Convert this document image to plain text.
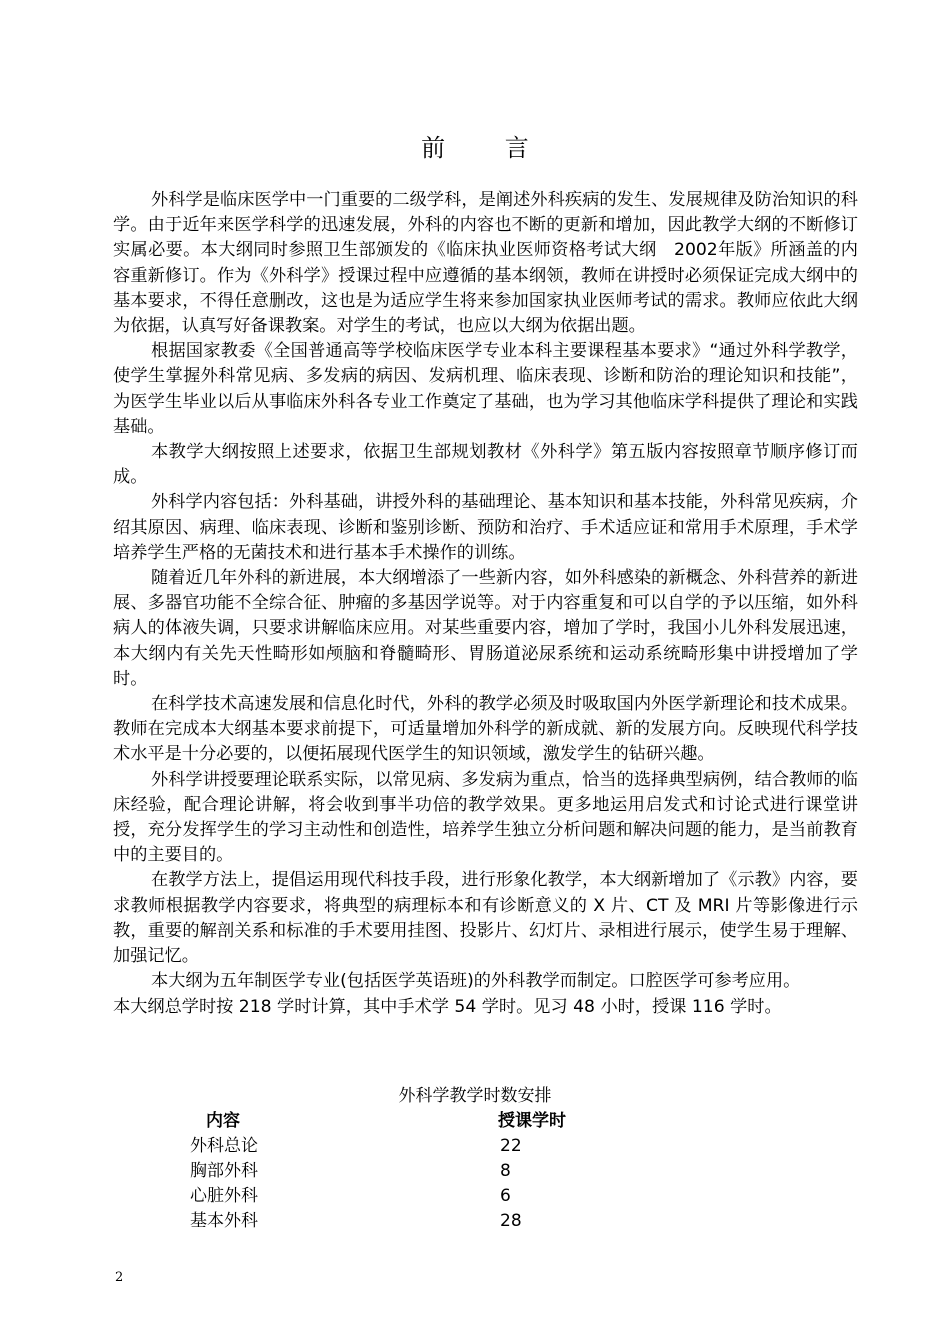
前 言

外科学是临床医学中一门重要的二级学科，是阐述外科疾病的发生、发展规律及防治知识的科学。由于近年来医学科学的迅速发展，外科的内容也不断的更新和增加，因此教学大纲的不断修订实属必要。本大纲同时参照卫生部颁发的《临床执业医师资格考试大纲　2002年版》所涵盖的内容重新修订。作为《外科学》授课过程中应遵循的基本纲领，教师在讲授时必须保证完成大纲中的基本要求，不得任意删改，这也是为适应学生将来参加国家执业医师考试的需求。教师应依此大纲为依据，认真写好备课教案。对学生的考试，也应以大纲为依据出题。

根据国家教委《全国普通高等学校临床医学专业本科主要课程基本要求》“通过外科学教学，使学生掌握外科常见病、多发病的病因、发病机理、临床表现、诊断和防治的理论知识和技能”，为医学生毕业以后从事临床外科各专业工作奠定了基础，也为学习其他临床学科提供了理论和实践基础。

本教学大纲按照上述要求，依据卫生部规划教材《外科学》第五版内容按照章节顺序修订而成。

外科学内容包括：外科基础，讲授外科的基础理论、基本知识和基本技能，外科常见疾病，介绍其原因、病理、临床表现、诊断和鉴别诊断、预防和治疗、手术适应证和常用手术原理，手术学培养学生严格的无菌技术和进行基本手术操作的训练。

随着近几年外科的新进展，本大纲增添了一些新内容，如外科感染的新概念、外科营养的新进展、多器官功能不全综合征、肿瘤的多基因学说等。对于内容重复和可以自学的予以压缩，如外科病人的体液失调，只要求讲解临床应用。对某些重要内容，增加了学时，我国小儿外科发展迅速，本大纲内有关先天性畸形如颅脑和脊髓畸形、胃肠道泌尿系统和运动系统畸形集中讲授增加了学时。

在科学技术高速发展和信息化时代，外科的教学必须及时吸取国内外医学新理论和技术成果。教师在完成本大纲基本要求前提下，可适量增加外科学的新成就、新的发展方向。反映现代科学技术水平是十分必要的，以便拓展现代医学生的知识领域，激发学生的钻研兴趣。

外科学讲授要理论联系实际，以常见病、多发病为重点，恰当的选择典型病例，结合教师的临床经验，配合理论讲解，将会收到事半功倍的教学效果。更多地运用启发式和讨论式进行课堂讲授，充分发挥学生的学习主动性和创造性，培养学生独立分析问题和解决问题的能力，是当前教育中的主要目的。

在教学方法上，提倡运用现代科技手段，进行形象化教学，本大纲新增加了《示教》内容，要求教师根据教学内容要求，将典型的病理标本和有诊断意义的 X 片、CT 及 MRI 片等影像进行示教，重要的解剖关系和标准的手术要用挂图、投影片、幻灯片、录相进行展示，使学生易于理解、加强记忆。

本大纲为五年制医学专业(包括医学英语班)的外科教学而制定。口腔医学可参考应用。

本大纲总学时按 218 学时计算，其中手术学 54 学时。见习 48 小时，授课 116 学时。

外科学教学时数安排
内容	授课学时
外科总论	22
胸部外科	8
心脏外科	6
基本外科	28
2
